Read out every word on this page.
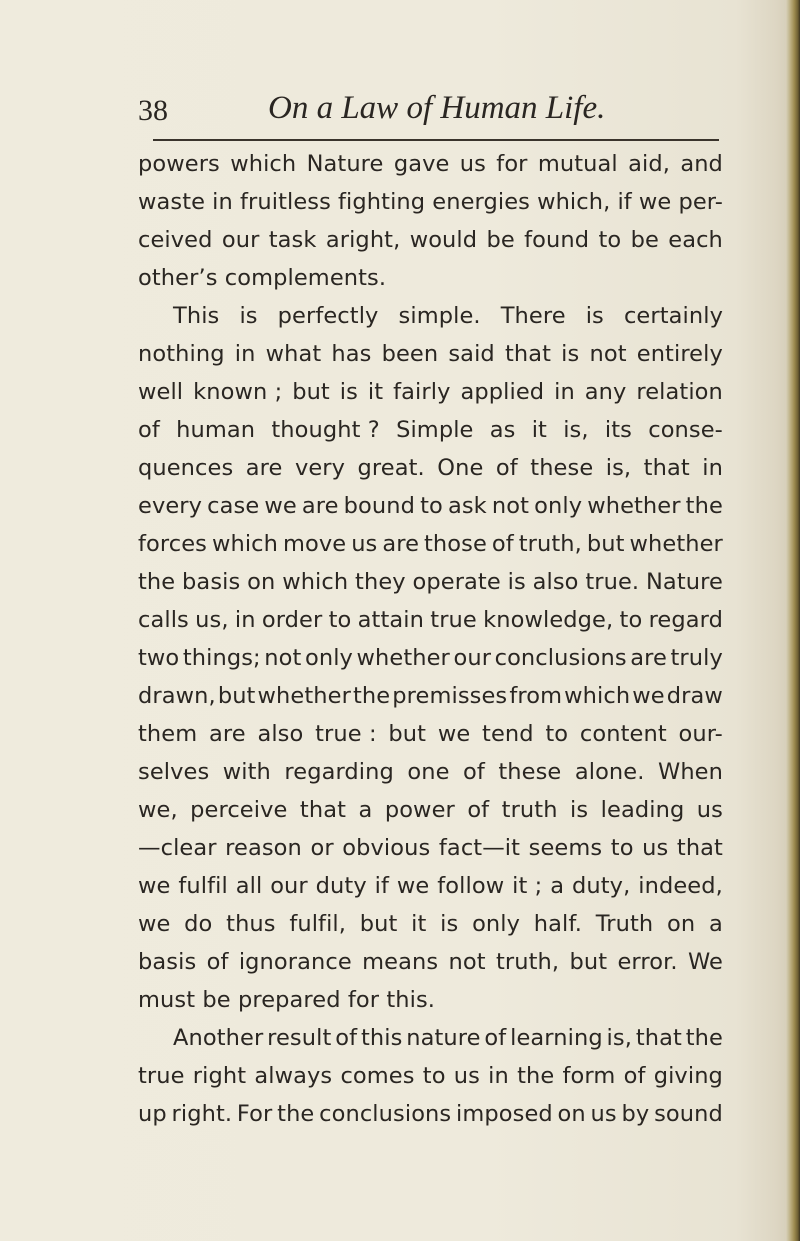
38	On a Law of Human Life.
powers which Nature gave us for mutual aid, and
waste in fruitless fighting energies which, if we per-
ceived our task aright, would be found to be each
other’s complements.
This is perfectly simple. There is certainly
nothing in what has been said that is not entirely
well known ; but is it fairly applied in any relation
of human thought ? Simple as it is, its conse-
quences are very great. One of these is, that in
every case we are bound to ask not only whether the
forces which move us are those of truth, but whether
the basis on which they operate is also true. Nature
calls us, in order to attain true knowledge, to regard
two things; not only whether our conclusions are truly
drawn, but whether the premisses from which we draw
them are also true : but we tend to content our-
selves with regarding one of these alone. When
we, perceive that a power of truth is leading us
—clear reason or obvious fact—it seems to us that
we fulfil all our duty if we follow it ; a duty, indeed,
we do thus fulfil, but it is only half. Truth on a
basis of ignorance means not truth, but error. We
must be prepared for this.
Another result of this nature of learning is, that the
true right always comes to us in the form of giving
up right. For the conclusions imposed on us by sound
